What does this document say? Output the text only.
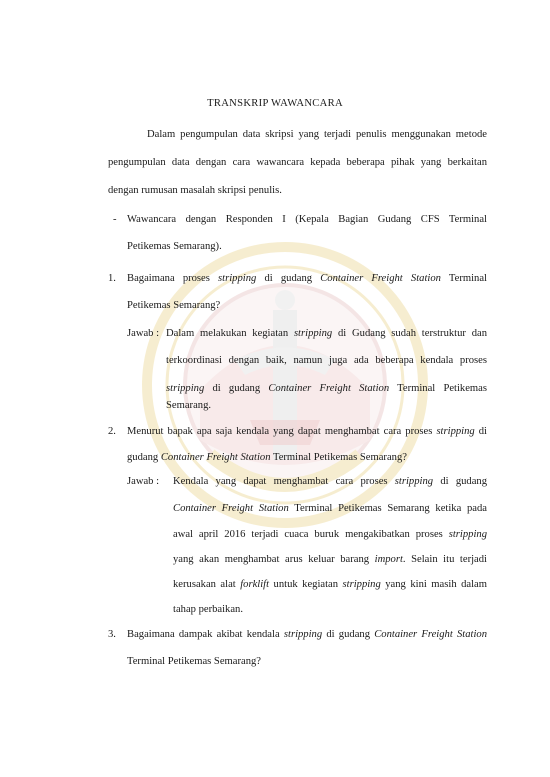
TRANSKRIP WAWANCARA
Dalam pengumpulan data skripsi yang terjadi penulis menggunakan metode
pengumpulan data dengan cara wawancara kepada beberapa pihak yang berkaitan
dengan rumusan masalah skripsi penulis.
- Wawancara dengan Responden I (Kepala Bagian Gudang CFS Terminal
Petikemas Semarang).
1. Bagaimana proses stripping di gudang Container Freight Station Terminal
Petikemas Semarang?
Jawab : Dalam melakukan kegiatan stripping di Gudang sudah terstruktur dan
terkoordinasi dengan baik, namun juga ada beberapa kendala proses
stripping di gudang Container Freight Station Terminal Petikemas
Semarang.
2. Menurut bapak apa saja kendala yang dapat menghambat cara proses stripping di
gudang Container Freight Station Terminal Petikemas Semarang?
Jawab : Kendala yang dapat menghambat cara proses stripping di gudang
Container Freight Station Terminal Petikemas Semarang ketika pada
awal april 2016 terjadi cuaca buruk mengakibatkan proses stripping
yang akan menghambat arus keluar barang import. Selain itu terjadi
kerusakan alat forklift untuk kegiatan stripping yang kini masih dalam
tahap perbaikan.
3. Bagaimana dampak akibat kendala stripping di gudang Container Freight Station
Terminal Petikemas Semarang?
